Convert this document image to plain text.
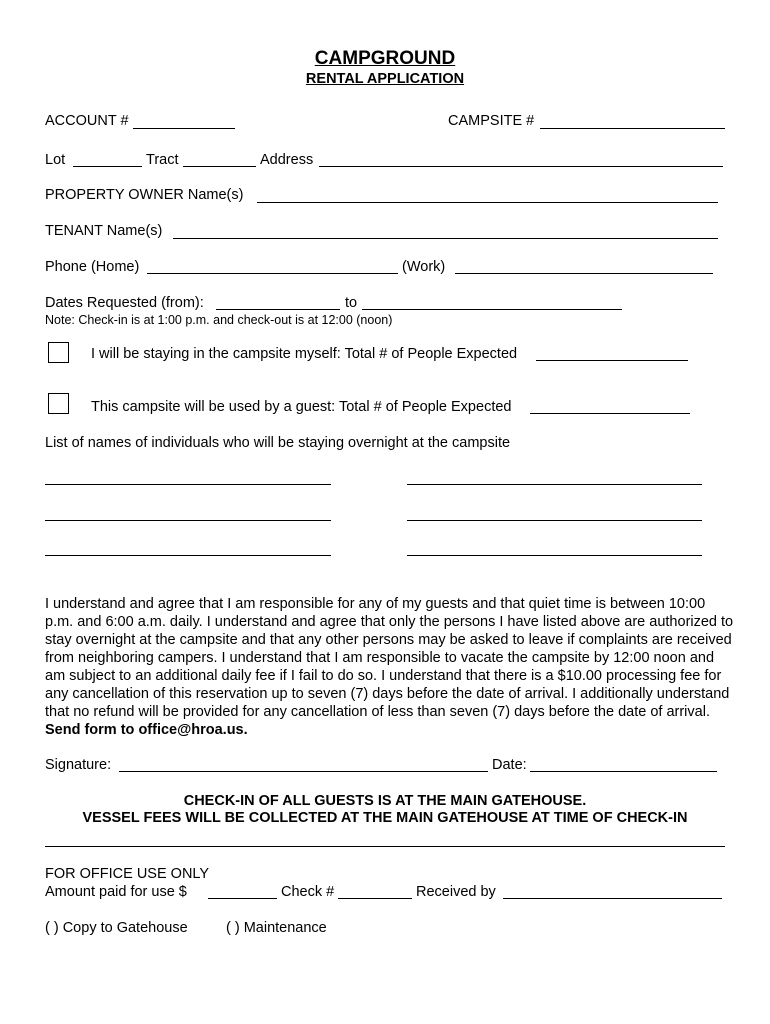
CAMPGROUND
RENTAL APPLICATION
ACCOUNT #	CAMPSITE #
Lot	Tract	Address
PROPERTY OWNER Name(s)
TENANT Name(s)
Phone (Home)	(Work)
Dates Requested (from):	to
Note: Check-in is at 1:00 p.m. and check-out is at 12:00 (noon)
I will be staying in the campsite myself: Total # of People Expected
This campsite will be used by a guest: Total # of People Expected
List of names of individuals who will be staying overnight at the campsite
I understand and agree that I am responsible for any of my guests and that quiet time is between 10:00 p.m. and 6:00 a.m. daily. I understand and agree that only the persons I have listed above are authorized to stay overnight at the campsite and that any other persons may be asked to leave if complaints are received from neighboring campers. I understand that I am responsible to vacate the campsite by 12:00 noon and am subject to an additional daily fee if I fail to do so. I understand that there is a $10.00 processing fee for any cancellation of this reservation up to seven (7) days before the date of arrival. I additionally understand that no refund will be provided for any cancellation of less than seven (7) days before the date of arrival. Send form to office@hroa.us.
Signature:	Date:
CHECK-IN OF ALL GUESTS IS AT THE MAIN GATEHOUSE.
VESSEL FEES WILL BE COLLECTED AT THE MAIN GATEHOUSE AT TIME OF CHECK-IN
FOR OFFICE USE ONLY
Amount paid for use $	Check #	Received by
( ) Copy to Gatehouse	( ) Maintenance
